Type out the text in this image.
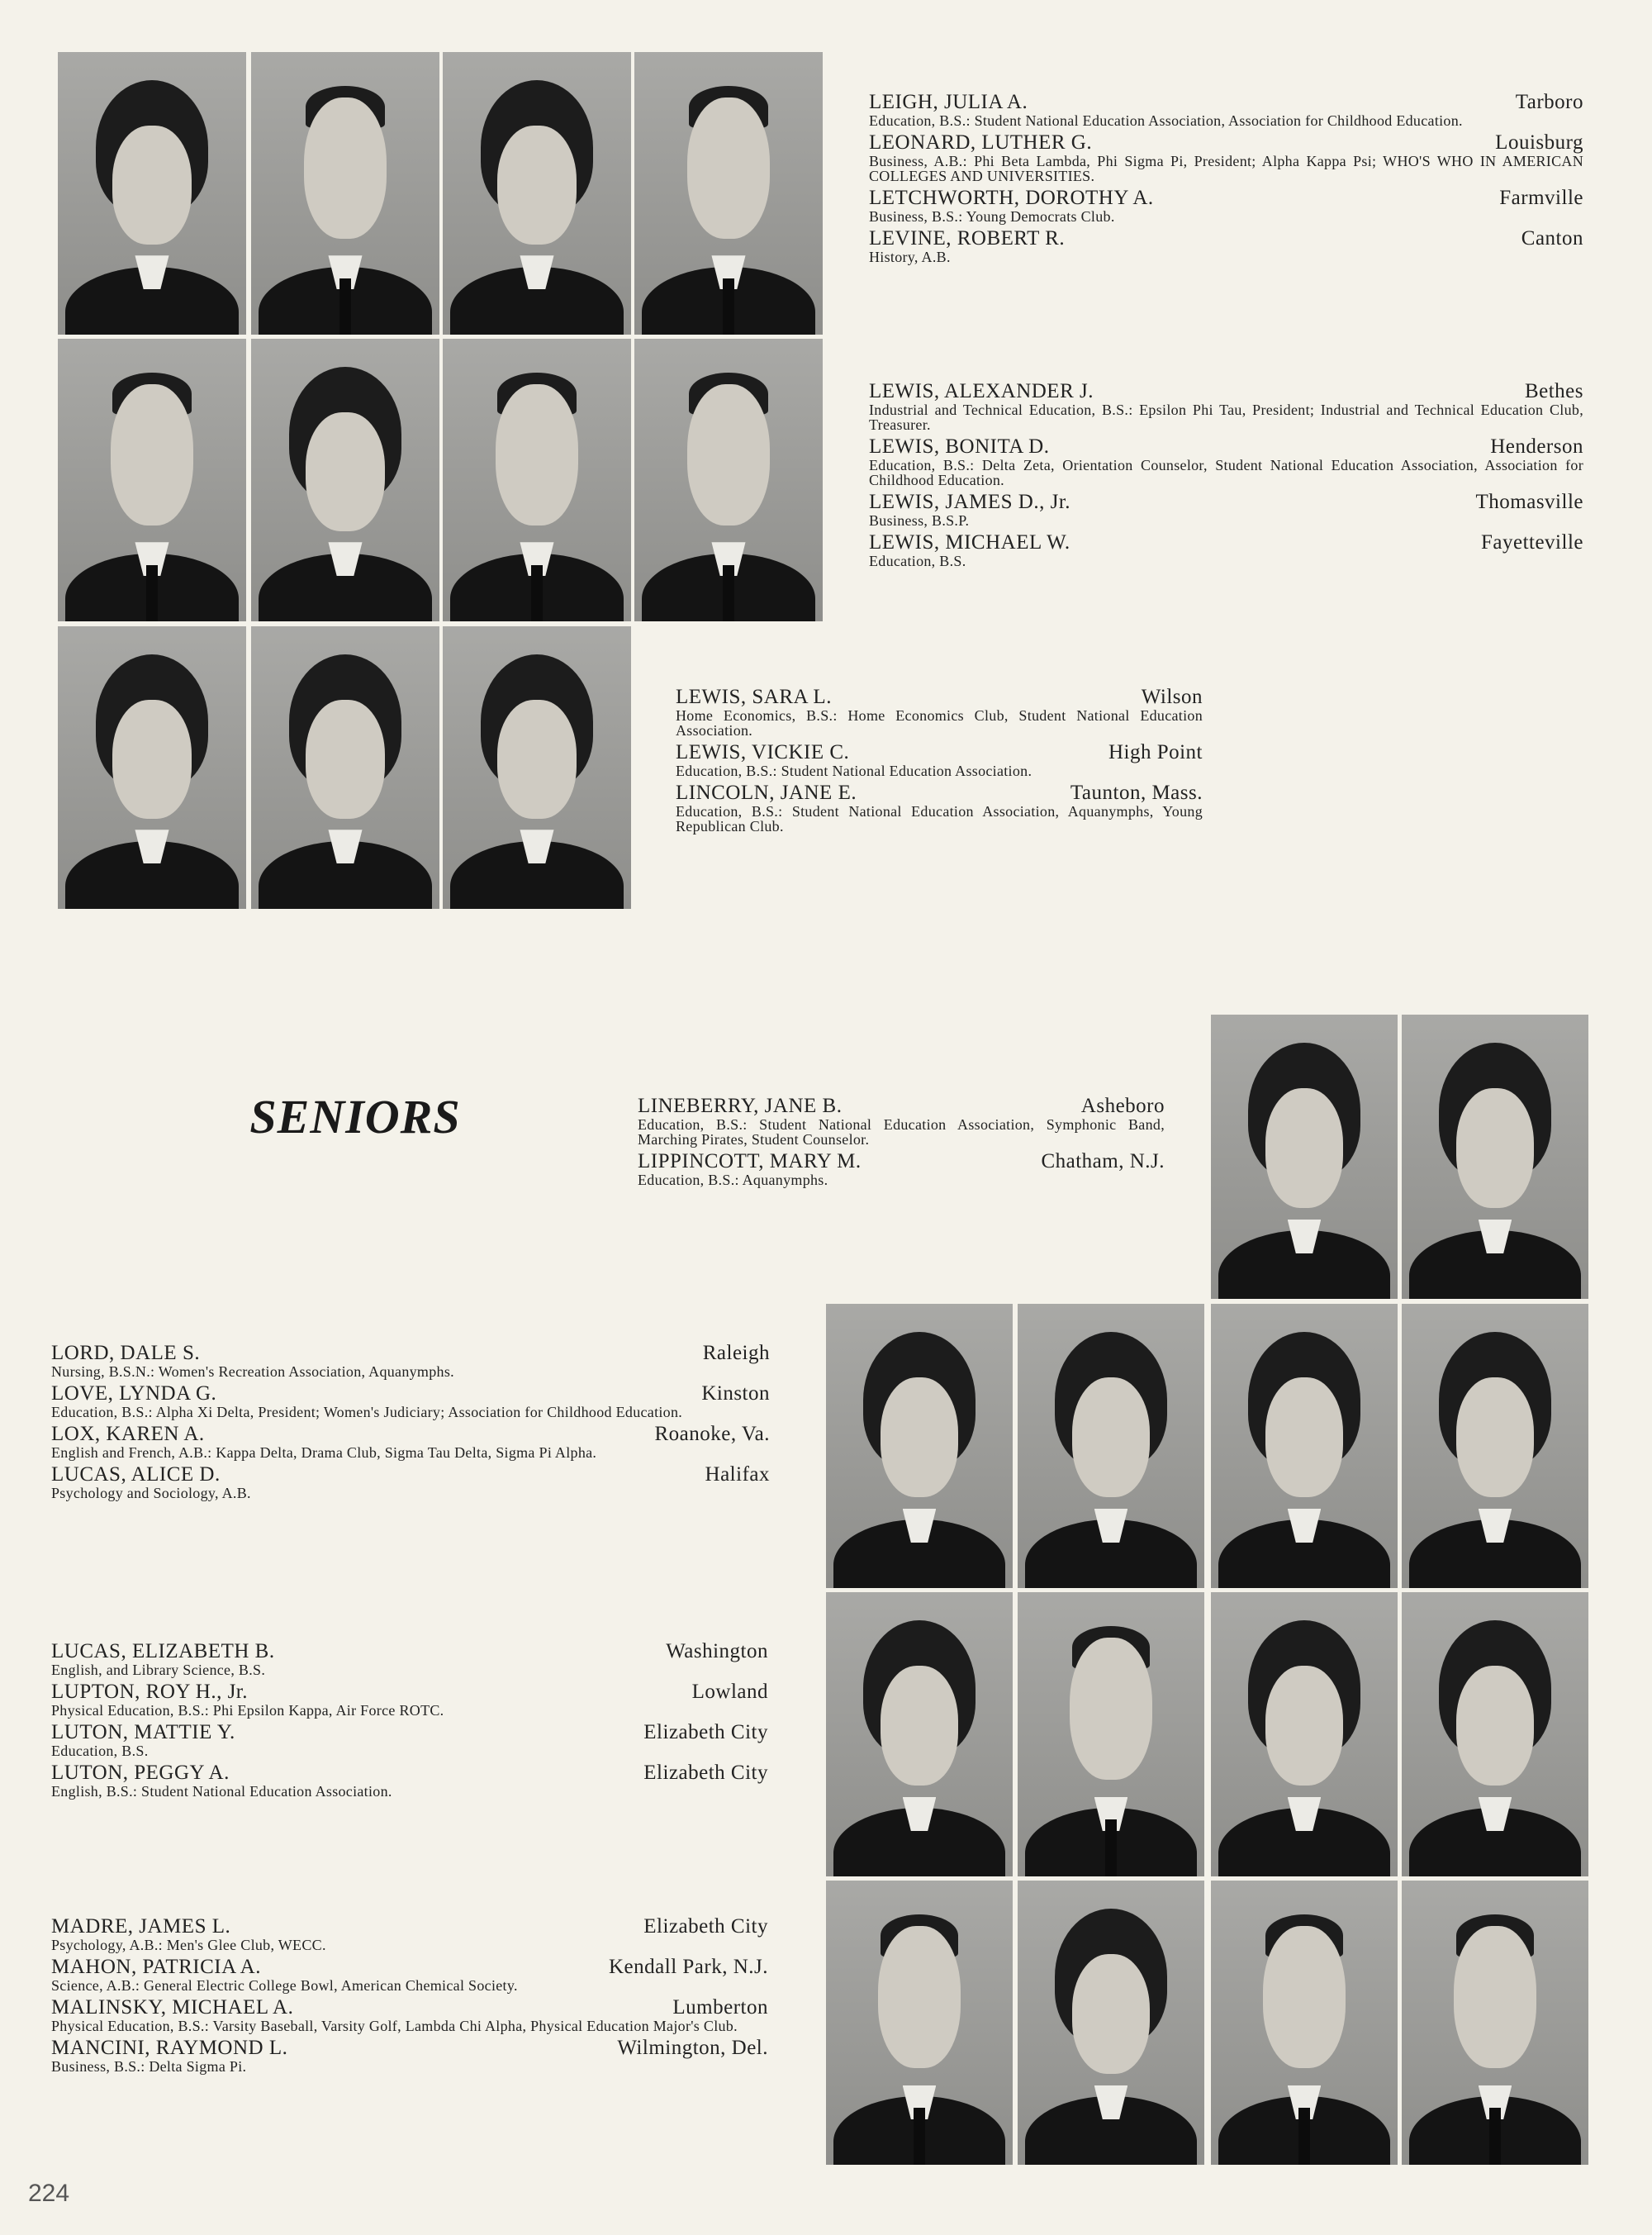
LEIGH, JULIA A.	Tarboro
Education, B.S.: Student National Education Association, Association for Childhood Education.
LEONARD, LUTHER G.	Louisburg
Business, A.B.: Phi Beta Lambda, Phi Sigma Pi, President; Alpha Kappa Psi; WHO'S WHO IN AMERICAN COLLEGES AND UNIVERSITIES.
LETCHWORTH, DOROTHY A.	Farmville
Business, B.S.: Young Democrats Club.
LEVINE, ROBERT R.	Canton
History, A.B.
LEWIS, ALEXANDER J.	Bethes
Industrial and Technical Education, B.S.: Epsilon Phi Tau, President; Industrial and Technical Education Club, Treasurer.
LEWIS, BONITA D.	Henderson
Education, B.S.: Delta Zeta, Orientation Counselor, Student National Education Association, Association for Childhood Education.
LEWIS, JAMES D., Jr.	Thomasville
Business, B.S.P.
LEWIS, MICHAEL W.	Fayetteville
Education, B.S.
LEWIS, SARA L.	Wilson
Home Economics, B.S.: Home Economics Club, Student National Education Association.
LEWIS, VICKIE C.	High Point
Education, B.S.: Student National Education Association.
LINCOLN, JANE E.	Taunton, Mass.
Education, B.S.: Student National Education Association, Aquanymphs, Young Republican Club.
LINEBERRY, JANE B.	Asheboro
Education, B.S.: Student National Education Association, Symphonic Band, Marching Pirates, Student Counselor.
LIPPINCOTT, MARY M.	Chatham, N.J.
Education, B.S.: Aquanymphs.
LORD, DALE S.	Raleigh
Nursing, B.S.N.: Women's Recreation Association, Aquanymphs.
LOVE, LYNDA G.	Kinston
Education, B.S.: Alpha Xi Delta, President; Women's Judiciary; Association for Childhood Education.
LOX, KAREN A.	Roanoke, Va.
English and French, A.B.: Kappa Delta, Drama Club, Sigma Tau Delta, Sigma Pi Alpha.
LUCAS, ALICE D.	Halifax
Psychology and Sociology, A.B.
LUCAS, ELIZABETH B.	Washington
English, and Library Science, B.S.
LUPTON, ROY H., Jr.	Lowland
Physical Education, B.S.: Phi Epsilon Kappa, Air Force ROTC.
LUTON, MATTIE Y.	Elizabeth City
Education, B.S.
LUTON, PEGGY A.	Elizabeth City
English, B.S.: Student National Education Association.
MADRE, JAMES L.	Elizabeth City
Psychology, A.B.: Men's Glee Club, WECC.
MAHON, PATRICIA A.	Kendall Park, N.J.
Science, A.B.: General Electric College Bowl, American Chemical Society.
MALINSKY, MICHAEL A.	Lumberton
Physical Education, B.S.: Varsity Baseball, Varsity Golf, Lambda Chi Alpha, Physical Education Major's Club.
MANCINI, RAYMOND L.	Wilmington, Del.
Business, B.S.: Delta Sigma Pi.
SENIORS
224
